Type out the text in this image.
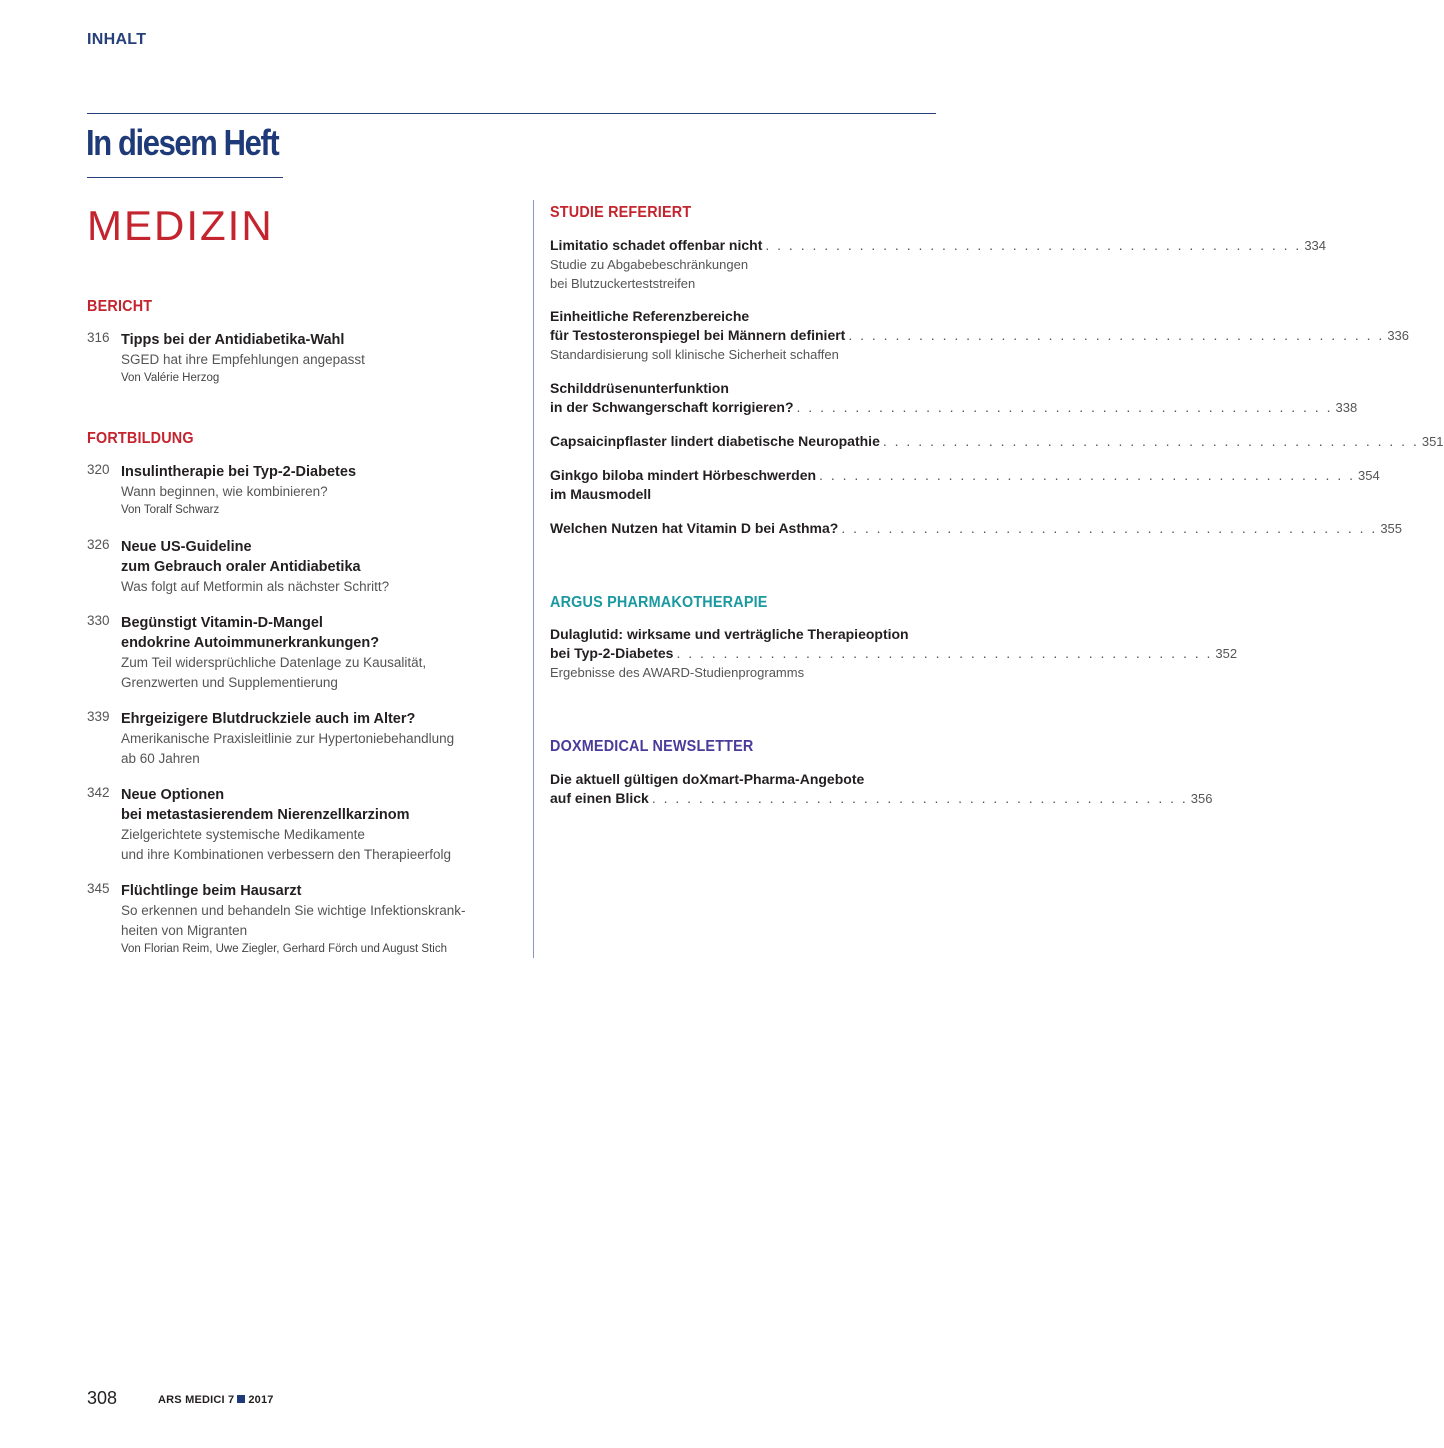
INHALT
In diesem Heft
MEDIZIN
BERICHT
316 Tipps bei der Antidiabetika-Wahl
SGED hat ihre Empfehlungen angepasst
Von Valérie Herzog
FORTBILDUNG
320 Insulintherapie bei Typ-2-Diabetes
Wann beginnen, wie kombinieren?
Von Toralf Schwarz
326 Neue US-Guideline
zum Gebrauch oraler Antidiabetika
Was folgt auf Metformin als nächster Schritt?
330 Begünstigt Vitamin-D-Mangel
endokrine Autoimmunerkrankungen?
Zum Teil widersprüchliche Datenlage zu Kausalität,
Grenzwerten und Supplementierung
339 Ehrgeizigere Blutdruckziele auch im Alter?
Amerikanische Praxisleitlinie zur Hypertoniebehandlung
ab 60 Jahren
342 Neue Optionen
bei metastasierendem Nierenzellkarzinom
Zielgerichtete systemische Medikamente
und ihre Kombinationen verbessern den Therapieerfolg
345 Flüchtlinge beim Hausarzt
So erkennen und behandeln Sie wichtige Infektionskrank-
heiten von Migranten
Von Florian Reim, Uwe Ziegler, Gerhard Förch und August Stich
STUDIE REFERIERT
Limitatio schadet offenbar nicht . . . . . . . . . . . . . . . . . . . . . . . . . . . . . . . . . . . . . . . . . . . . . . 334
Studie zu Abgabebeschränkungen
bei Blutzuckerteststreifen
Einheitliche Referenzbereiche
für Testosteronspiegel bei Männern definiert . . . . . . . . . . . . . . . . . . . . . . . . . . . . . . . . . . . . . . . . . . . . . . 336
Standardisierung soll klinische Sicherheit schaffen
Schilddrüsenunterfunktion
in der Schwangerschaft korrigieren? . . . . . . . . . . . . . . . . . . . . . . . . . . . . . . . . . . . . . . . . . . . . . . 338
Capsaicinpflaster lindert diabetische Neuropathie . . . . . . . . . . . . . . . . . . . . . . . . . . . . . . . . . . . . . . . . . . . . . . 351
Ginkgo biloba mindert Hörbeschwerden . . . . . . . . . . . . . . . . . . . . . . . . . . . . . . . . . . . . . . . . . . . . . . 354
im Mausmodell
Welchen Nutzen hat Vitamin D bei Asthma? . . . . . . . . . . . . . . . . . . . . . . . . . . . . . . . . . . . . . . . . . . . . . . 355
ARGUS PHARMAKOTHERAPIE
Dulaglutid: wirksame und verträgliche Therapieoption
bei Typ-2-Diabetes . . . . . . . . . . . . . . . . . . . . . . . . . . . . . . . . . . . . . . . . . . . . . . 352
Ergebnisse des AWARD-Studienprogramms
DOXMEDICAL NEWSLETTER
Die aktuell gültigen doXmart-Pharma-Angebote
auf einen Blick . . . . . . . . . . . . . . . . . . . . . . . . . . . . . . . . . . . . . . . . . . . . . . 356
308	ARS MEDICI 7 2017
